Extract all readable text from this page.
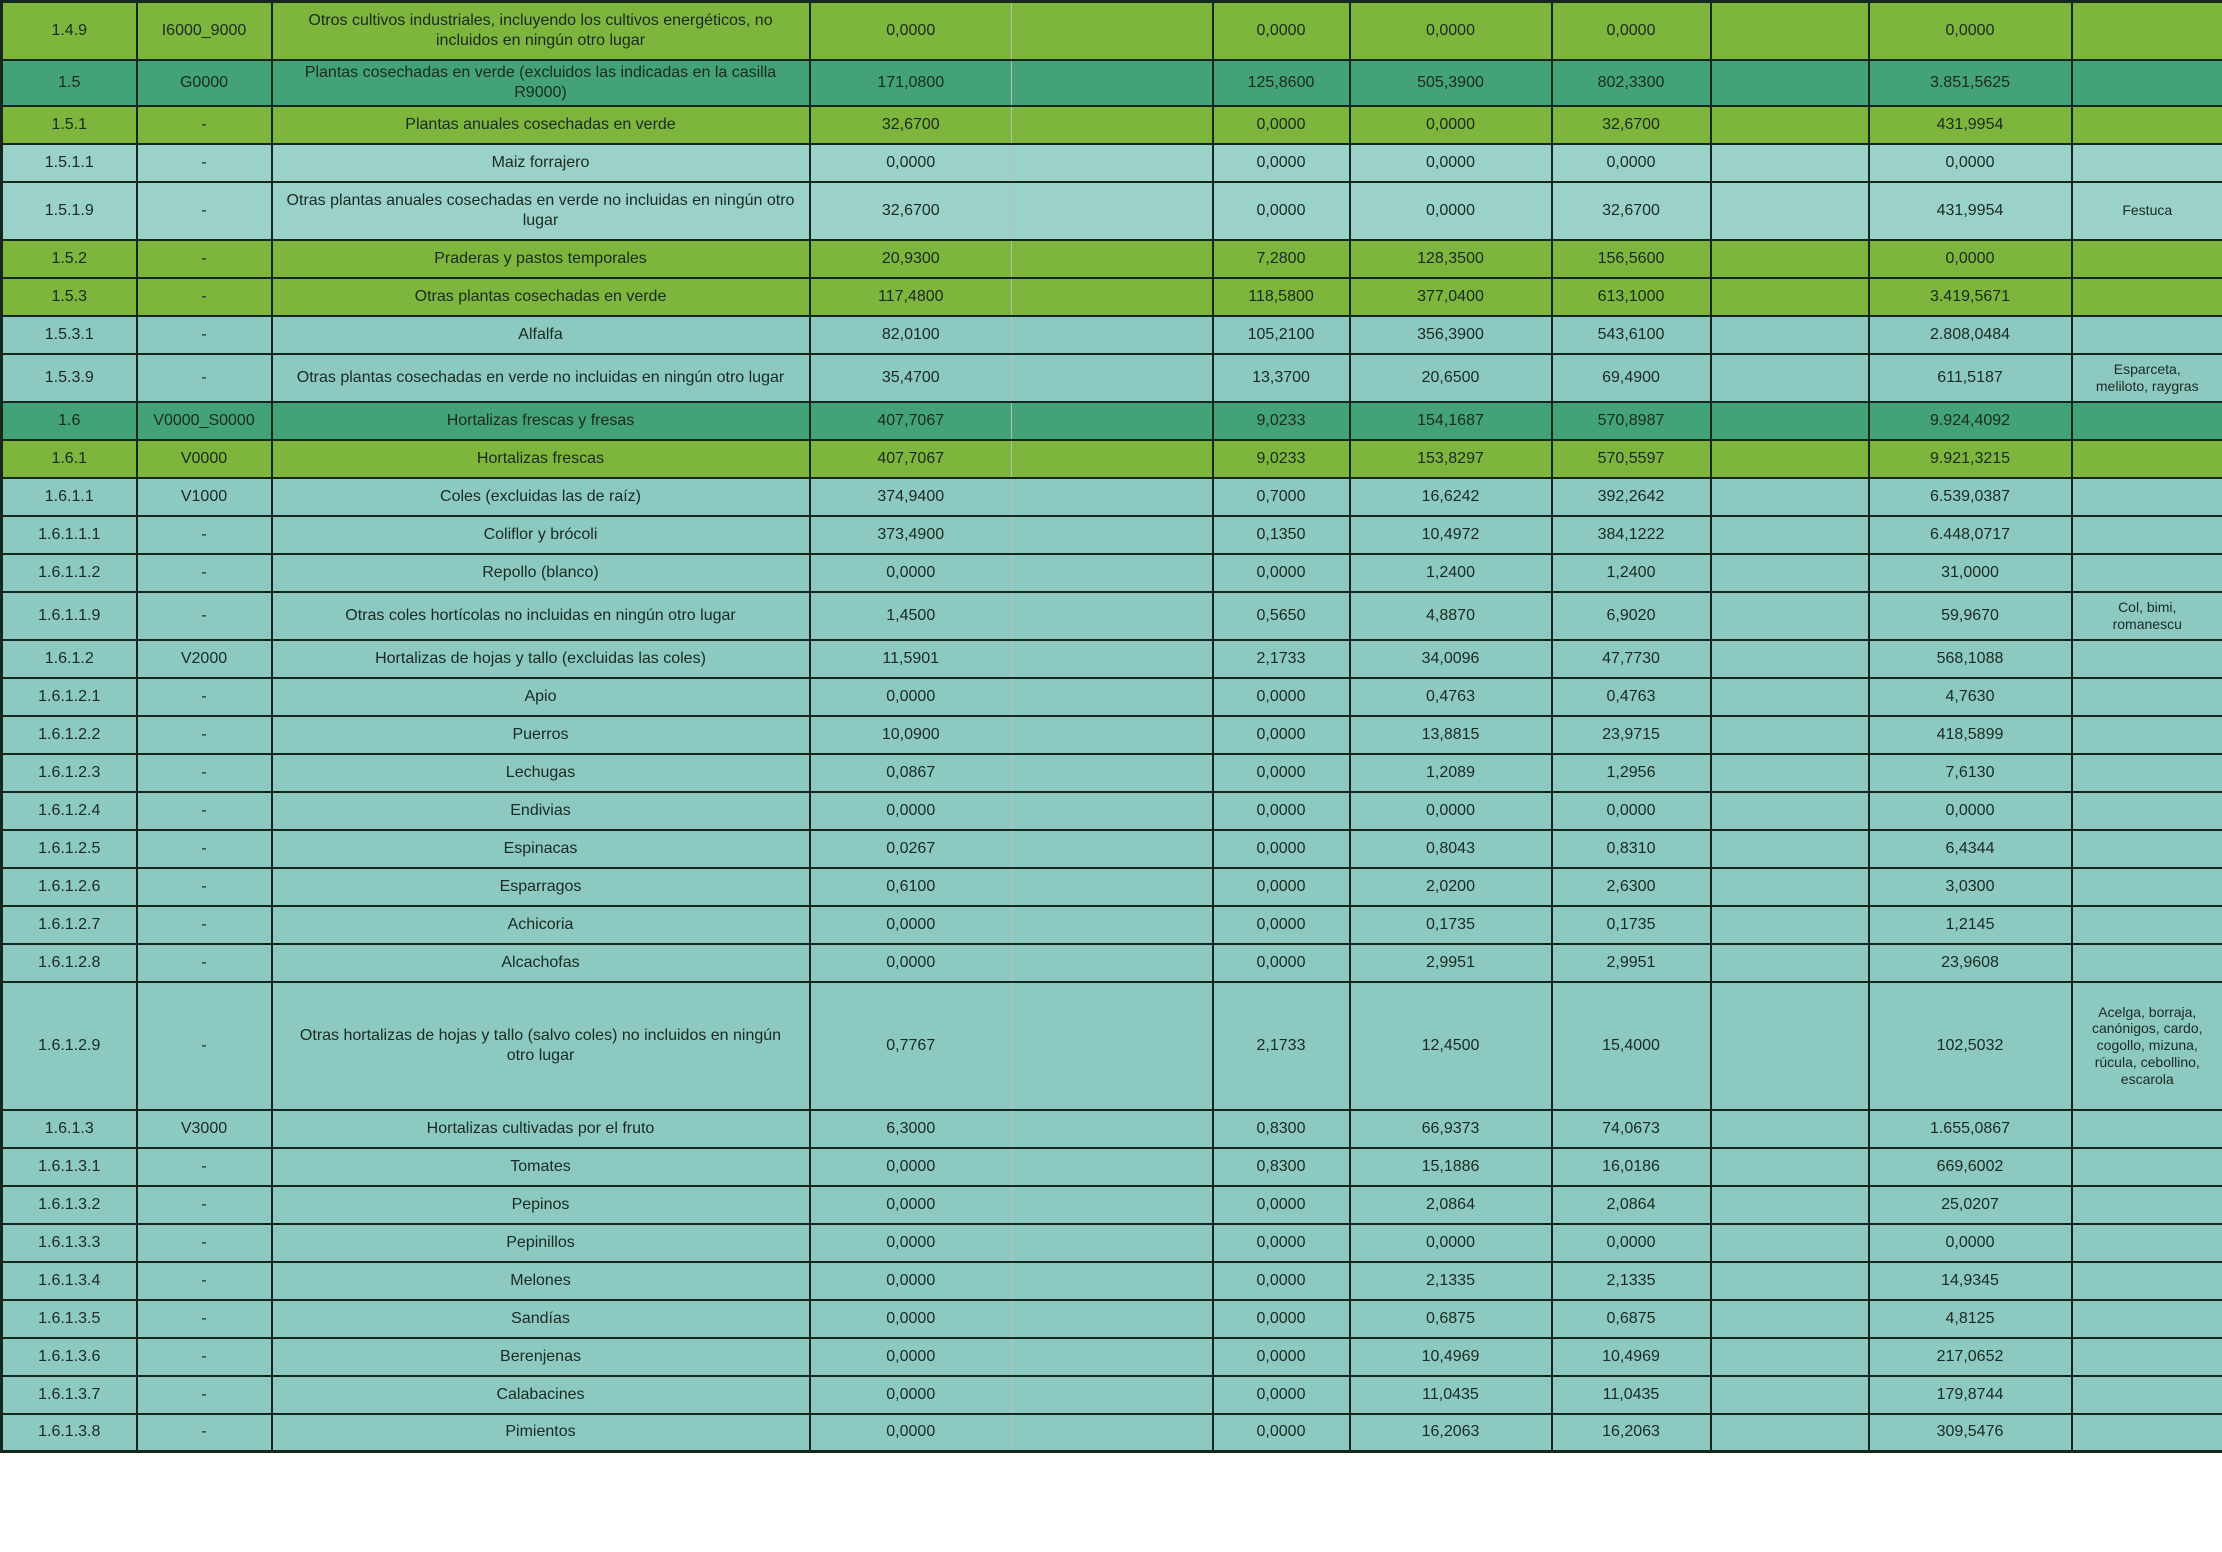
1.4.9	I6000_9000	Otros cultivos industriales, incluyendo los cultivos energéticos, no incluidos en ningún otro lugar	0,0000		0,0000	0,0000	0,0000		0,0000	
1.5	G0000	Plantas cosechadas en verde (excluidos las indicadas en la casilla R9000)	171,0800		125,8600	505,3900	802,3300		3.851,5625	
1.5.1	-	Plantas anuales cosechadas en verde	32,6700		0,0000	0,0000	32,6700		431,9954	
1.5.1.1	-	Maiz forrajero	0,0000		0,0000	0,0000	0,0000		0,0000	
1.5.1.9	-	Otras plantas anuales cosechadas en verde no incluidas en ningún otro lugar	32,6700		0,0000	0,0000	32,6700		431,9954	Festuca
1.5.2	-	Praderas y pastos temporales	20,9300		7,2800	128,3500	156,5600		0,0000	
1.5.3	-	Otras plantas cosechadas en verde	117,4800		118,5800	377,0400	613,1000		3.419,5671	
1.5.3.1	-	Alfalfa	82,0100		105,2100	356,3900	543,6100		2.808,0484	
1.5.3.9	-	Otras plantas cosechadas en verde no incluidas en ningún otro lugar	35,4700		13,3700	20,6500	69,4900		611,5187	Esparceta, meliloto, raygras
1.6	V0000_S0000	Hortalizas frescas y fresas	407,7067		9,0233	154,1687	570,8987		9.924,4092	
1.6.1	V0000	Hortalizas frescas	407,7067		9,0233	153,8297	570,5597		9.921,3215	
1.6.1.1	V1000	Coles (excluidas las de raíz)	374,9400		0,7000	16,6242	392,2642		6.539,0387	
1.6.1.1.1	-	Coliflor y brócoli	373,4900		0,1350	10,4972	384,1222		6.448,0717	
1.6.1.1.2	-	Repollo (blanco)	0,0000		0,0000	1,2400	1,2400		31,0000	
1.6.1.1.9	-	Otras coles hortícolas no incluidas en ningún otro lugar	1,4500		0,5650	4,8870	6,9020		59,9670	Col, bimi, romanescu
1.6.1.2	V2000	Hortalizas de hojas y tallo (excluidas las coles)	11,5901		2,1733	34,0096	47,7730		568,1088	
1.6.1.2.1	-	Apio	0,0000		0,0000	0,4763	0,4763		4,7630	
1.6.1.2.2	-	Puerros	10,0900		0,0000	13,8815	23,9715		418,5899	
1.6.1.2.3	-	Lechugas	0,0867		0,0000	1,2089	1,2956		7,6130	
1.6.1.2.4	-	Endivias	0,0000		0,0000	0,0000	0,0000		0,0000	
1.6.1.2.5	-	Espinacas	0,0267		0,0000	0,8043	0,8310		6,4344	
1.6.1.2.6	-	Esparragos	0,6100		0,0000	2,0200	2,6300		3,0300	
1.6.1.2.7	-	Achicoria	0,0000		0,0000	0,1735	0,1735		1,2145	
1.6.1.2.8	-	Alcachofas	0,0000		0,0000	2,9951	2,9951		23,9608	
1.6.1.2.9	-	Otras hortalizas de hojas y tallo (salvo coles) no incluidos en ningún otro lugar	0,7767		2,1733	12,4500	15,4000		102,5032	Acelga, borraja, canónigos, cardo, cogollo, mizuna, rúcula, cebollino, escarola
1.6.1.3	V3000	Hortalizas cultivadas por el fruto	6,3000		0,8300	66,9373	74,0673		1.655,0867	
1.6.1.3.1	-	Tomates	0,0000		0,8300	15,1886	16,0186		669,6002	
1.6.1.3.2	-	Pepinos	0,0000		0,0000	2,0864	2,0864		25,0207	
1.6.1.3.3	-	Pepinillos	0,0000		0,0000	0,0000	0,0000		0,0000	
1.6.1.3.4	-	Melones	0,0000		0,0000	2,1335	2,1335		14,9345	
1.6.1.3.5	-	Sandías	0,0000		0,0000	0,6875	0,6875		4,8125	
1.6.1.3.6	-	Berenjenas	0,0000		0,0000	10,4969	10,4969		217,0652	
1.6.1.3.7	-	Calabacines	0,0000		0,0000	11,0435	11,0435		179,8744	
1.6.1.3.8	-	Pimientos	0,0000		0,0000	16,2063	16,2063		309,5476	
